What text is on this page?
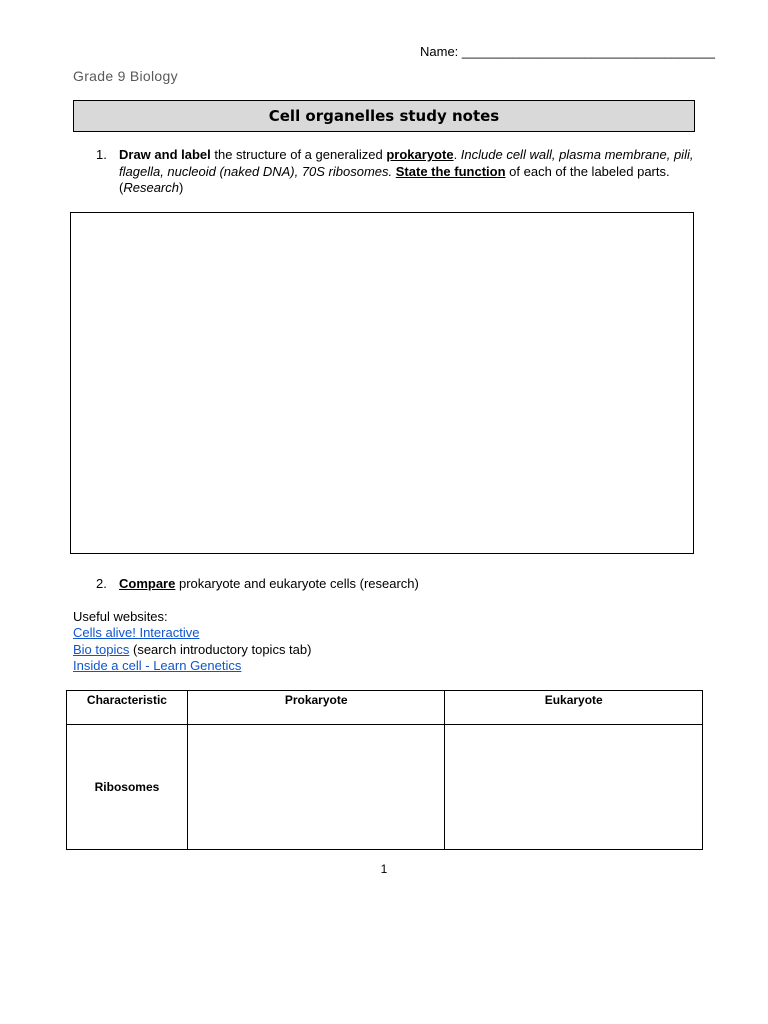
Name: ___________________________________
Grade 9 Biology
Cell organelles study notes
1. Draw and label the structure of a generalized prokaryote. Include cell wall, plasma membrane, pili, flagella, nucleoid (naked DNA), 70S ribosomes. State the function of each of the labeled parts. (Research)
2. Compare prokaryote and eukaryote cells (research)
Useful websites:
Cells alive! Interactive
Bio topics (search introductory topics tab)
Inside a cell - Learn Genetics
Characteristic	Prokaryote	Eukaryote
Ribosomes		
1
